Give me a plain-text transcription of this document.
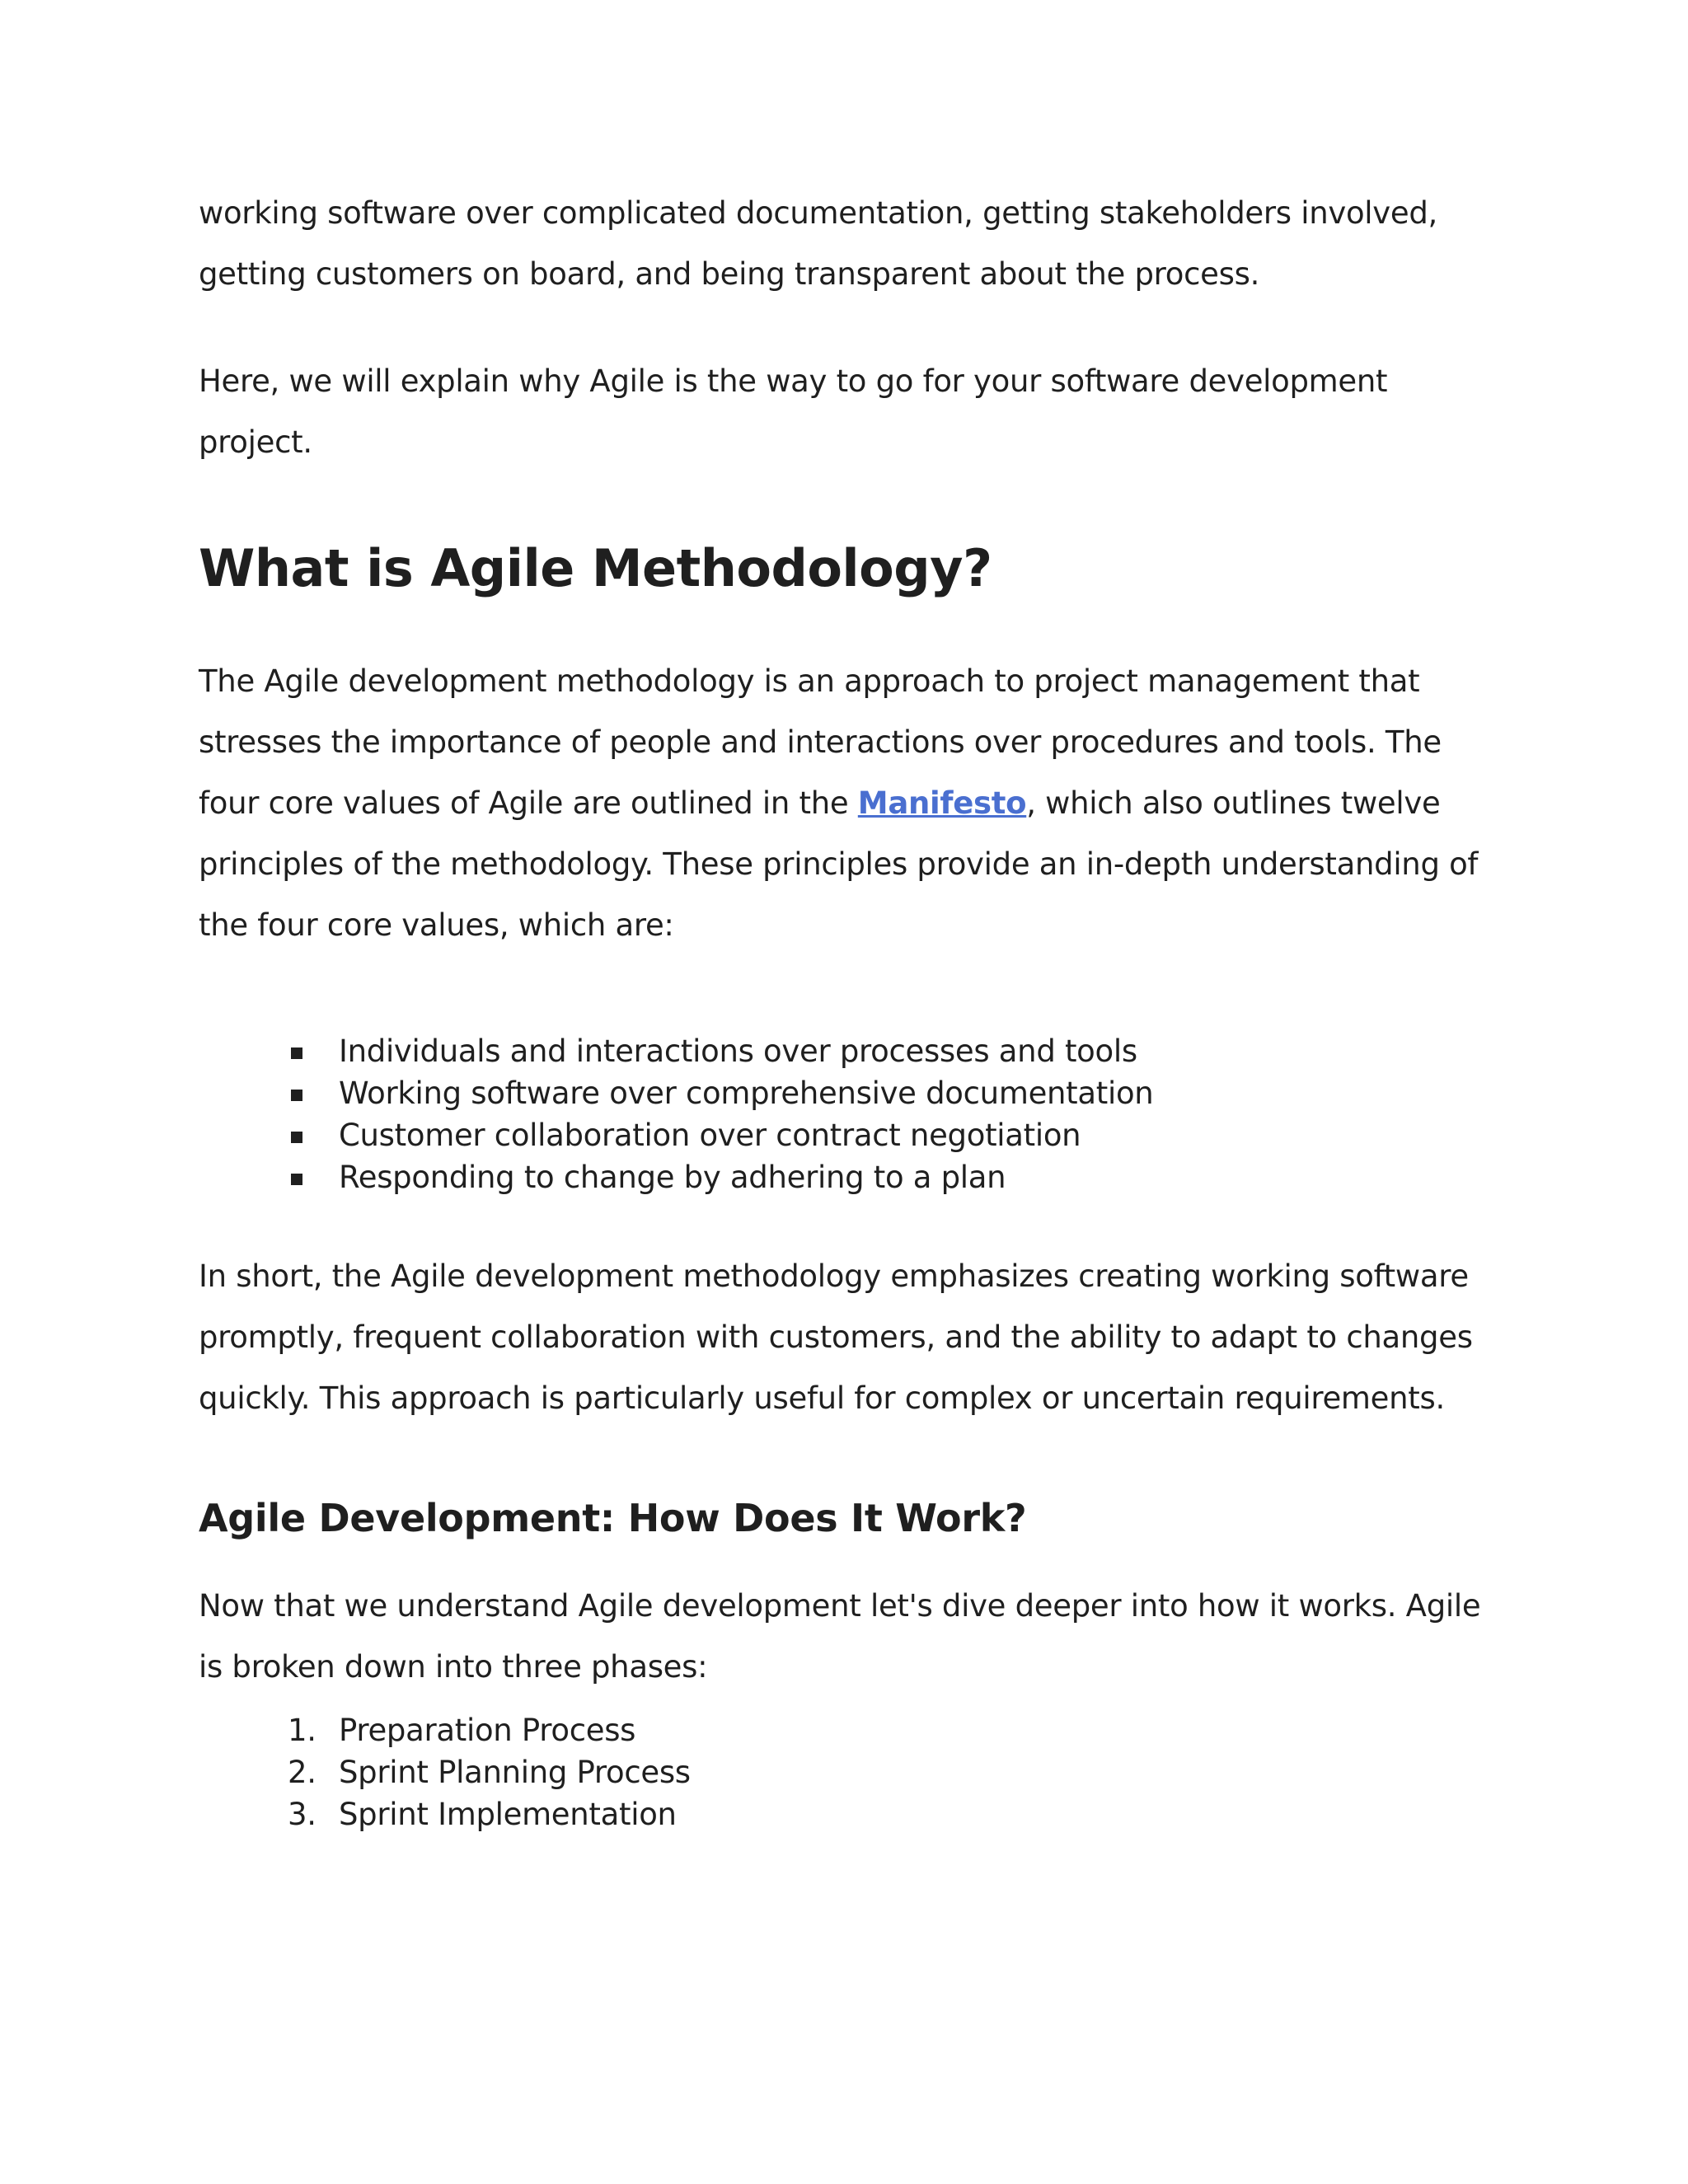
working software over complicated documentation, getting stakeholders involved, getting customers on board, and being transparent about the process.

Here, we will explain why Agile is the way to go for your software development project.

What is Agile Methodology?

The Agile development methodology is an approach to project management that stresses the importance of people and interactions over procedures and tools. The four core values of Agile are outlined in the Manifesto, which also outlines twelve principles of the methodology. These principles provide an in-depth understanding of the four core values, which are:

Individuals and interactions over processes and tools
Working software over comprehensive documentation
Customer collaboration over contract negotiation
Responding to change by adhering to a plan

In short, the Agile development methodology emphasizes creating working software promptly, frequent collaboration with customers, and the ability to adapt to changes quickly. This approach is particularly useful for complex or uncertain requirements.

Agile Development: How Does It Work?

Now that we understand Agile development let's dive deeper into how it works. Agile is broken down into three phases:

1. Preparation Process
2. Sprint Planning Process
3. Sprint Implementation
